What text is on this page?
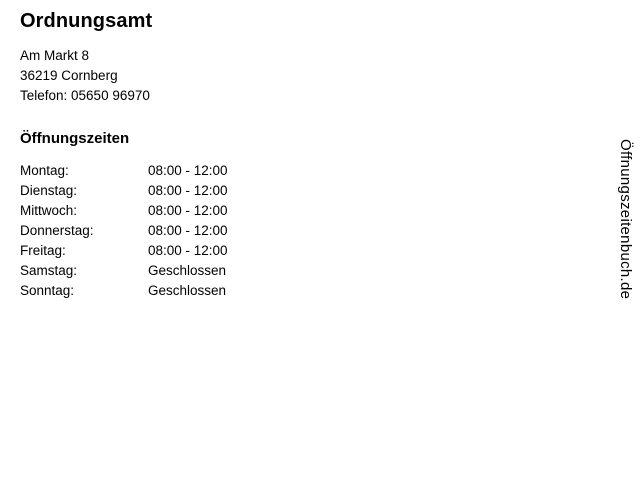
Ordnungsamt
Am Markt 8
36219 Cornberg
Telefon: 05650 96970
Öffnungszeiten
Montag:	08:00 - 12:00
Dienstag:	08:00 - 12:00
Mittwoch:	08:00 - 12:00
Donnerstag:	08:00 - 12:00
Freitag:	08:00 - 12:00
Samstag:	Geschlossen
Sonntag:	Geschlossen	Öffnungszeitenbuch.de
